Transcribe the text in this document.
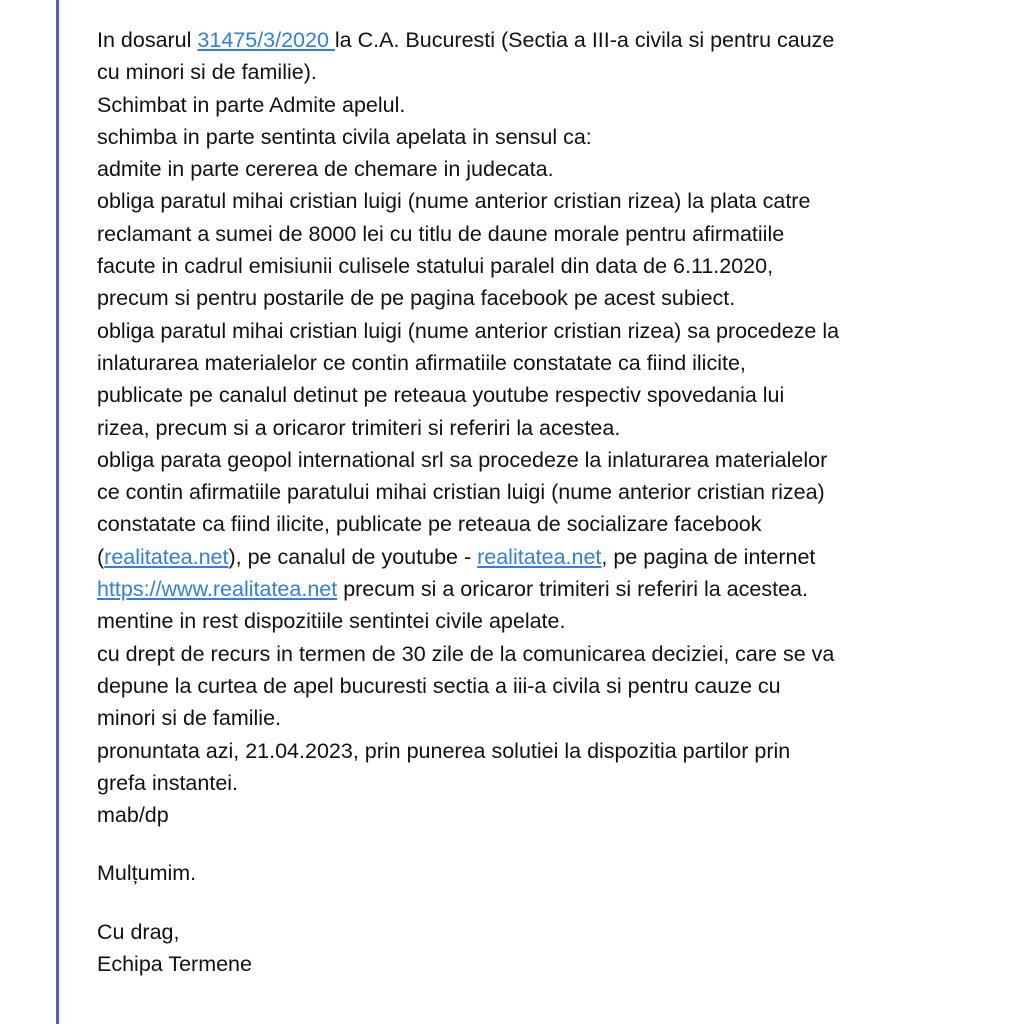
In dosarul 31475/3/2020 la C.A. Bucuresti (Sectia a III-a civila si pentru cauze
cu minori si de familie).
Schimbat in parte Admite apelul.
schimba in parte sentinta civila apelata in sensul ca:
admite in parte cererea de chemare in judecata.
obliga paratul mihai cristian luigi (nume anterior cristian rizea) la plata catre
reclamant a sumei de 8000 lei cu titlu de daune morale pentru afirmatiile
facute in cadrul emisiunii culisele statului paralel din data de 6.11.2020,
precum si pentru postarile de pe pagina facebook pe acest subiect.
obliga paratul mihai cristian luigi (nume anterior cristian rizea) sa procedeze la
inlaturarea materialelor ce contin afirmatiile constatate ca fiind ilicite,
publicate pe canalul detinut pe reteaua youtube respectiv spovedania lui
rizea, precum si a oricaror trimiteri si referiri la acestea.
obliga parata geopol international srl sa procedeze la inlaturarea materialelor
ce contin afirmatiile paratului mihai cristian luigi (nume anterior cristian rizea)
constatate ca fiind ilicite, publicate pe reteaua de socializare facebook
(realitatea.net), pe canalul de youtube - realitatea.net, pe pagina de internet
https://www.realitatea.net precum si a oricaror trimiteri si referiri la acestea.
mentine in rest dispozitiile sentintei civile apelate.
cu drept de recurs in termen de 30 zile de la comunicarea deciziei, care se va
depune la curtea de apel bucuresti sectia a iii-a civila si pentru cauze cu
minori si de familie.
pronuntata azi, 21.04.2023, prin punerea solutiei la dispozitia partilor prin
grefa instantei.
mab/dp
Mulțumim.
Cu drag,
Echipa Termene
